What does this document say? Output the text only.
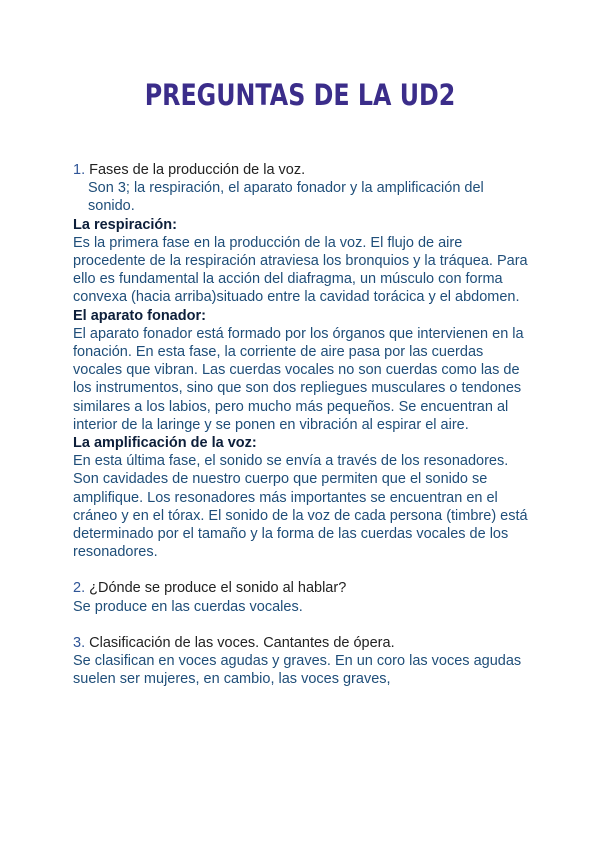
PREGUNTAS DE LA UD2

1. Fases de la producción de la voz.

Son 3; la respiración, el aparato fonador y la amplificación del sonido.

La respiración:

Es la primera fase en la producción de la voz. El flujo de aire procedente de la respiración atraviesa los bronquios y la tráquea. Para ello es fundamental la acción del diafragma, un músculo con forma convexa (hacia arriba)situado entre la cavidad torácica y el abdomen.

El aparato fonador:

El aparato fonador está formado por los órganos que intervienen en la fonación. En esta fase, la corriente de aire pasa por las cuerdas vocales que vibran. Las cuerdas vocales no son cuerdas como las de los instrumentos, sino que son dos repliegues musculares o tendones similares a los labios, pero mucho más pequeños. Se encuentran al interior de la laringe y se ponen en vibración al espirar el aire.

La amplificación de la voz:

En esta última fase, el sonido se envía a través de los resonadores. Son cavidades de nuestro cuerpo que permiten que el sonido se amplifique. Los resonadores más importantes se encuentran en el cráneo y en el tórax. El sonido de la voz de cada persona (timbre) está determinado por el tamaño y la forma de las cuerdas vocales de los resonadores.

2. ¿Dónde se produce el sonido al hablar?

Se produce en las cuerdas vocales.

3. Clasificación de las voces. Cantantes de ópera.

Se clasifican en voces agudas y graves. En un coro las voces agudas suelen ser mujeres, en cambio, las voces graves,
